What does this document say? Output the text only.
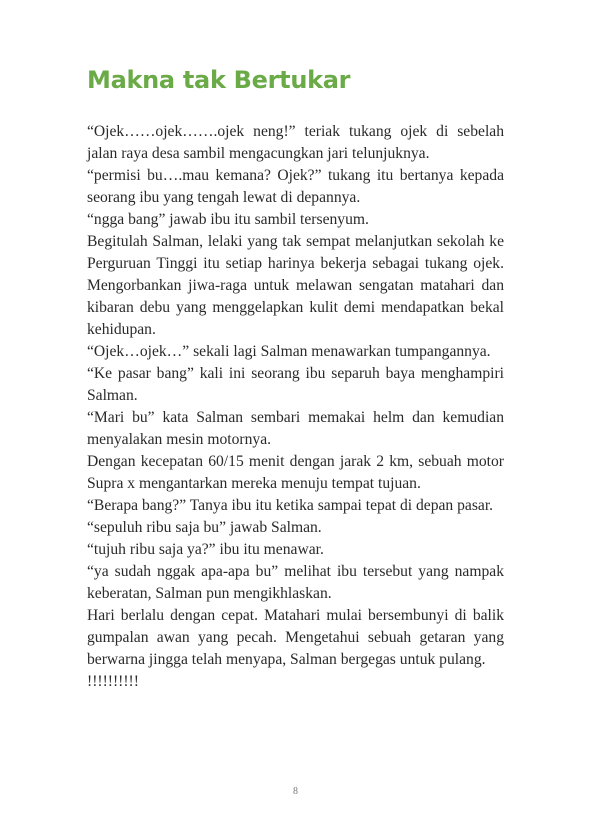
Makna tak Bertukar

“Ojek……ojek…….ojek neng!” teriak tukang ojek di sebelah jalan raya desa sambil mengacungkan jari telunjuknya.

“permisi bu….mau kemana? Ojek?” tukang itu bertanya kepada seorang ibu yang tengah lewat di depannya.

“ngga bang” jawab ibu itu sambil tersenyum.

Begitulah Salman, lelaki yang tak sempat melanjutkan sekolah ke Perguruan Tinggi itu setiap harinya bekerja sebagai tukang ojek. Mengorbankan jiwa-raga untuk melawan sengatan matahari dan kibaran debu yang menggelapkan kulit demi mendapatkan bekal kehidupan.

“Ojek…ojek…” sekali lagi Salman menawarkan tumpangannya.

“Ke pasar bang” kali ini seorang ibu separuh baya menghampiri Salman.

“Mari bu” kata Salman sembari memakai helm dan kemudian menyalakan mesin motornya.

Dengan kecepatan 60/15 menit dengan jarak 2 km, sebuah motor Supra x mengantarkan mereka menuju tempat tujuan.

“Berapa bang?” Tanya ibu itu ketika sampai tepat di depan pasar.

“sepuluh ribu saja bu” jawab Salman.

“tujuh ribu saja ya?” ibu itu menawar.

“ya sudah nggak apa-apa bu” melihat ibu tersebut yang nampak keberatan, Salman pun mengikhlaskan.

Hari berlalu dengan cepat. Matahari mulai bersembunyi di balik gumpalan awan yang pecah. Mengetahui sebuah getaran yang berwarna jingga telah menyapa, Salman bergegas untuk pulang.

!!!!!!!!!!

8
